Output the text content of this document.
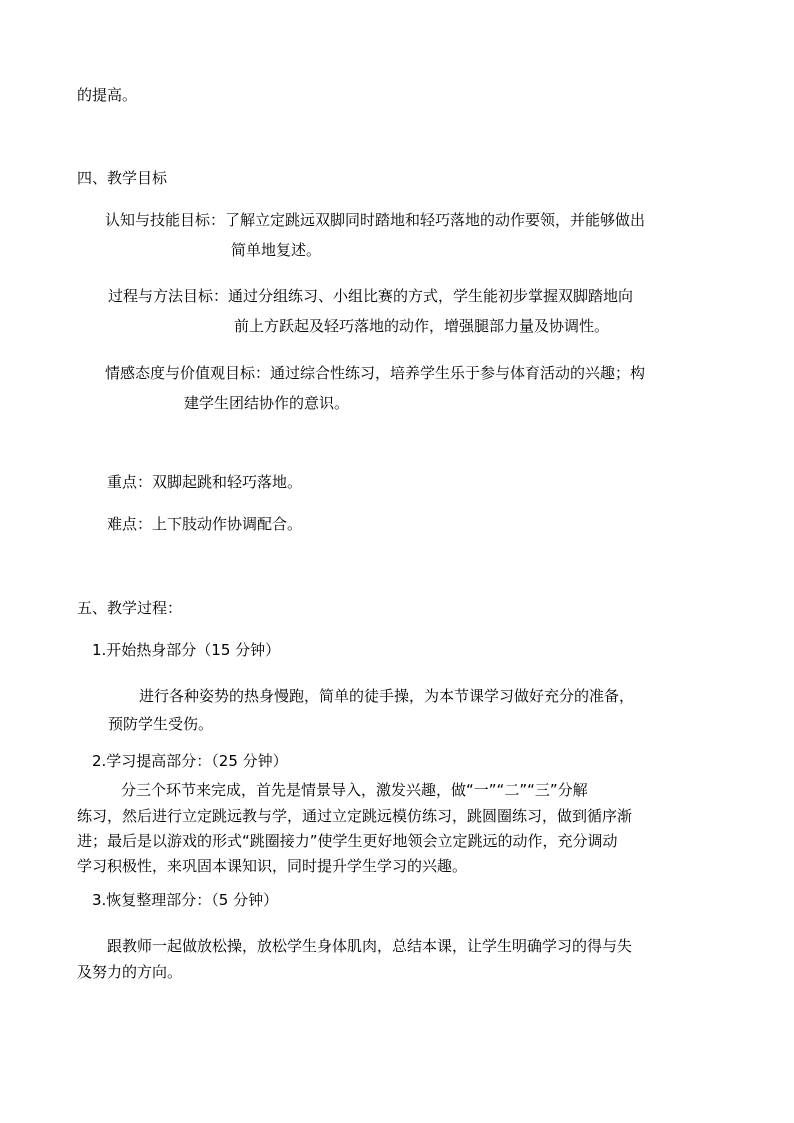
的提高。
四、教学目标
认知与技能目标：了解立定跳远双脚同时踏地和轻巧落地的动作要领，并能够做出
简单地复述。
过程与方法目标：通过分组练习、小组比赛的方式，学生能初步掌握双脚踏地向
前上方跃起及轻巧落地的动作，增强腿部力量及协调性。
情感态度与价值观目标：通过综合性练习，培养学生乐于参与体育活动的兴趣；构
建学生团结协作的意识。
重点：双脚起跳和轻巧落地。
难点：上下肢动作协调配合。
五、教学过程：
1.开始热身部分（15 分钟）
进行各种姿势的热身慢跑，简单的徒手操，为本节课学习做好充分的准备，
预防学生受伤。
2.学习提高部分：（25 分钟）
分三个环节来完成，首先是情景导入，激发兴趣，做“一”“二”“三”分解
练习，然后进行立定跳远教与学，通过立定跳远模仿练习，跳圆圈练习，做到循序渐
进；最后是以游戏的形式“跳圈接力”使学生更好地领会立定跳远的动作，充分调动
学习积极性，来巩固本课知识，同时提升学生学习的兴趣。
3.恢复整理部分：（5 分钟）
跟教师一起做放松操，放松学生身体肌肉，总结本课，让学生明确学习的得与失
及努力的方向。
